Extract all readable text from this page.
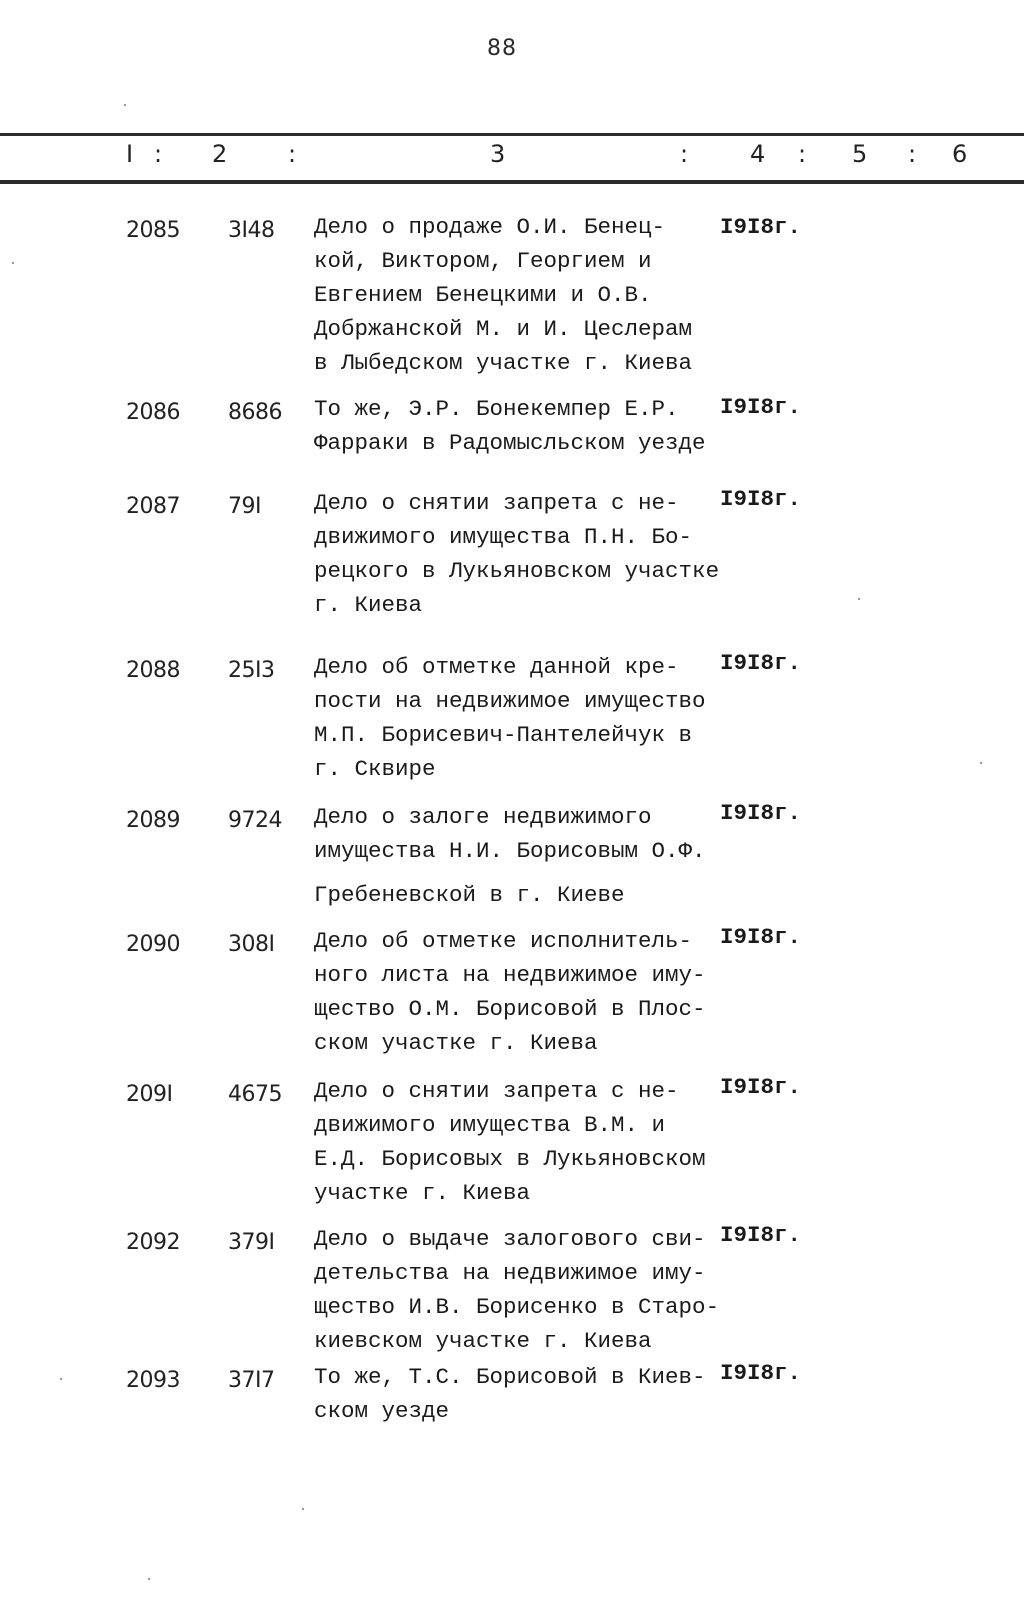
88
I : 2	:	3	:	4 : 5 : 6
2085 3I48 Дело о продаже О.И. Бенец-
кой, Виктором, Георгием и
Евгением Бенецкими и О.В.
Добржанской М. и И. Цеслерам
в Лыбедском участке г. Киева
I9I8г.
2086 8686 То же, Э.Р. Бонекемпер Е.Р.
Фарраки в Радомысльском уезде
I9I8г.
2087 79I Дело о снятии запрета с не-
движимого имущества П.Н. Бо-
рецкого в Лукьяновском участке
г. Киева
I9I8г.
2088 25I3 Дело об отметке данной кре-
пости на недвижимое имущество
М.П. Борисевич-Пантелейчук в
г. Сквире
I9I8г.
2089 9724 Дело о залоге недвижимого
имущества Н.И. Борисовым О.Ф.
Гребеневской в г. Киеве
I9I8г.
2090 308I Дело об отметке исполнитель-
ного листа на недвижимое иму-
щество О.М. Борисовой в Плос-
ском участке г. Киева
I9I8г.
209I	4675 Дело о снятии запрета с не-
движимого имущества В.М. и
Е.Д. Борисовых в Лукьяновском
участке г. Киева
I9I8г.
2092 379I Дело о выдаче залогового сви-
детельства на недвижимое иму-
щество И.В. Борисенко в Старо-
киевском участке г. Киева
I9I8г.
2093 37I7 То же, Т.С. Борисовой в Киев-
ском уезде
I9I8г.
